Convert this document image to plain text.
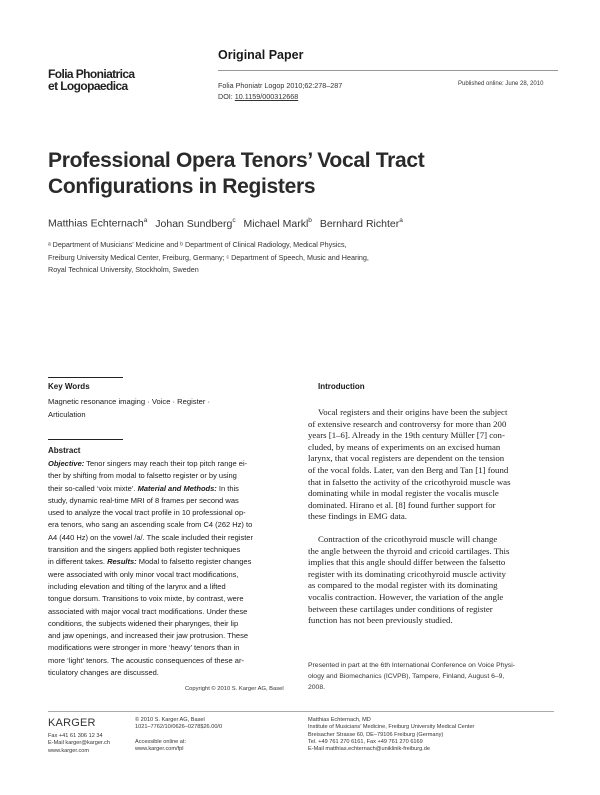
Original Paper
Folia Phoniatrica
et Logopaedica	Folia Phoniatr Logop 2010;62:278–287
DOI: 10.1159/000312668
Published online: June 28, 2010
Professional Opera Tenors’ Vocal Tract
Configurations in Registers
Matthias Echternach$^a$ Johan Sundberg$^c$ Michael Markl$^b$ Bernhard Richter$^a$
ᵃ Department of Musicians’ Medicine and ᵇ Department of Clinical Radiology, Medical Physics,
Freiburg University Medical Center, Freiburg, Germany; ᶜ Department of Speech, Music and Hearing,
Royal Technical University, Stockholm, Sweden
Key Words
Magnetic resonance imaging · Voice · Register ·
Articulation
Abstract
Objective: Tenor singers may reach their top pitch range ei-
ther by shifting from modal to falsetto register or by using
their so-called ‘voix mixte’. Material and Methods: In this
study, dynamic real-time MRI of 8 frames per second was
used to analyze the vocal tract profile in 10 professional op-
era tenors, who sang an ascending scale from C4 (262 Hz) to
A4 (440 Hz) on the vowel /a/. The scale included their register
transition and the singers applied both register techniques
in different takes. Results: Modal to falsetto register changes
were associated with only minor vocal tract modifications,
including elevation and tilting of the larynx and a lifted
tongue dorsum. Transitions to voix mixte, by contrast, were
associated with major vocal tract modifications. Under these
conditions, the subjects widened their pharynges, their lip
and jaw openings, and increased their jaw protrusion. These
modifications were stronger in more ‘heavy’ tenors than in
more ‘light’ tenors. The acoustic consequences of these ar-
ticulatory changes are discussed.
Copyright © 2010 S. Karger AG, Basel
Introduction
Vocal registers and their origins have been the subject
of extensive research and controversy for more than 200
years [1–6]. Already in the 19th century Müller [7] con-
cluded, by means of experiments on an excised human
larynx, that vocal registers are dependent on the tension
of the vocal folds. Later, van den Berg and Tan [1] found
that in falsetto the activity of the cricothyroid muscle was
dominating while in modal register the vocalis muscle
dominated. Hirano et al. [8] found further support for
these findings in EMG data.
Contraction of the cricothyroid muscle will change
the angle between the thyroid and cricoid cartilages. This
implies that this angle should differ between the falsetto
register with its dominating cricothyroid muscle activity
as compared to the modal register with its dominating
vocalis contraction. However, the variation of the angle
between these cartilages under conditions of register
function has not been previously studied.
Presented in part at the 6th International Conference on Voice Physi-
ology and Biomechanics (ICVPB), Tampere, Finland, August 6–9,
2008.
KARGER
Fax +41 61 306 12 34
E-Mail karger@karger.ch
www.karger.com
© 2010 S. Karger AG, Basel
1021–7762/10/0626–0278$26.00/0
Accessible online at:
www.karger.com/fpl
Matthias Echternach, MD
Institute of Musicians’ Medicine, Freiburg University Medical Center
Breisacher Strasse 60, DE–79106 Freiburg (Germany)
Tel. +49 761 270 6161, Fax +49 761 270 6169
E-Mail matthias.echternach@uniklinik-freiburg.de
